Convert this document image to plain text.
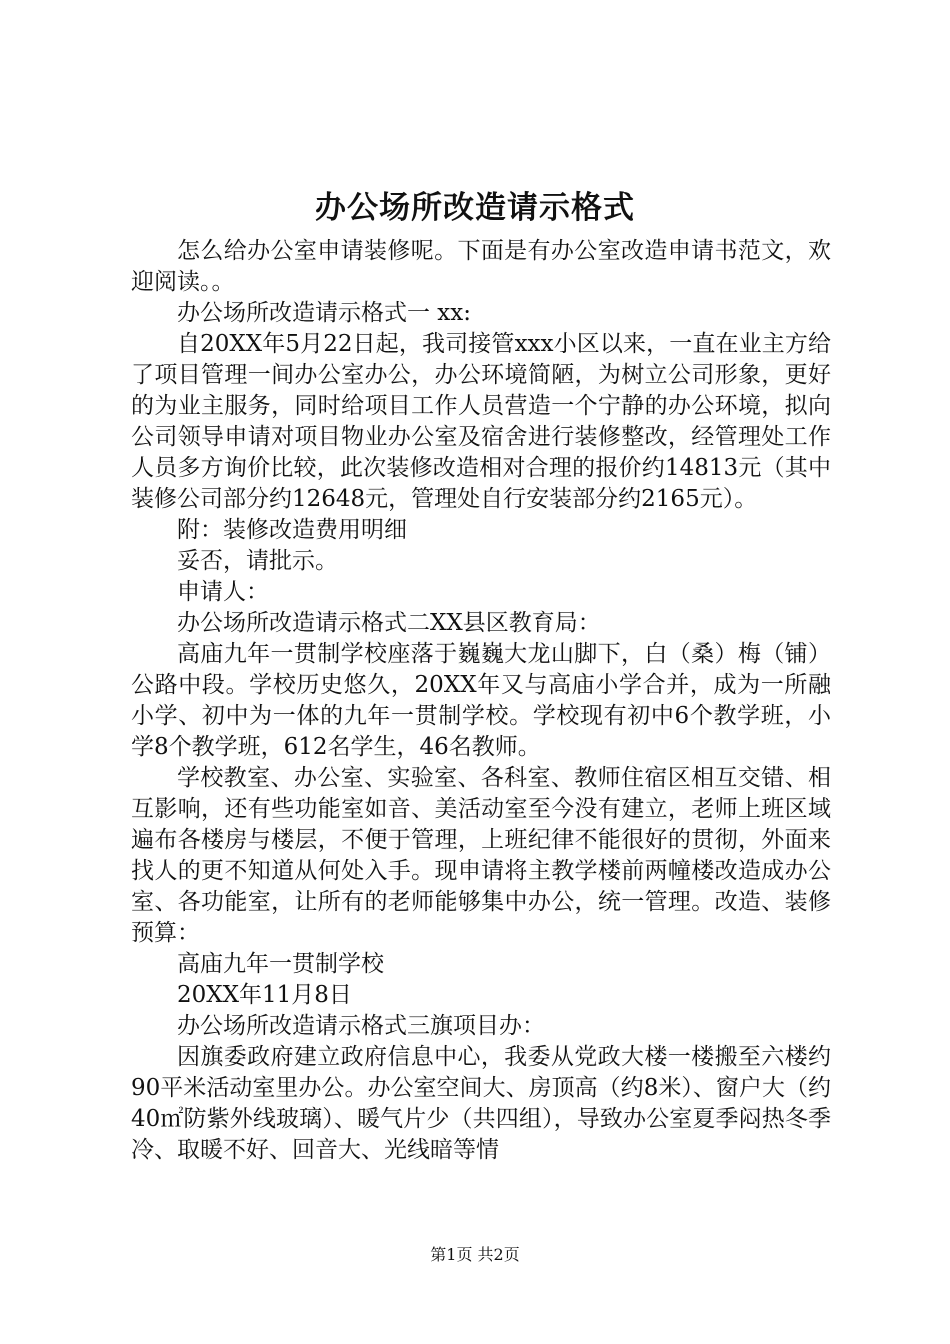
办公场所改造请示格式

怎么给办公室申请装修呢。下面是有办公室改造申请书范文，欢迎阅读。。

办公场所改造请示格式一 xx:

自20XX年5月22日起，我司接管xxx小区以来，一直在业主方给了项目管理一间办公室办公，办公环境简陋，为树立公司形象，更好的为业主服务，同时给项目工作人员营造一个宁静的办公环境，拟向公司领导申请对项目物业办公室及宿舍进行装修整改，经管理处工作人员多方询价比较，此次装修改造相对合理的报价约14813元（其中装修公司部分约12648元，管理处自行安装部分约2165元）。

附：装修改造费用明细

妥否，请批示。

申请人：

办公场所改造请示格式二XX县区教育局：

高庙九年一贯制学校座落于巍巍大龙山脚下，白（桑）梅（铺）公路中段。学校历史悠久，20XX年又与高庙小学合并，成为一所融小学、初中为一体的九年一贯制学校。学校现有初中6个教学班，小学8个教学班，612名学生，46名教师。

学校教室、办公室、实验室、各科室、教师住宿区相互交错、相互影响，还有些功能室如音、美活动室至今没有建立，老师上班区域遍布各楼房与楼层，不便于管理，上班纪律不能很好的贯彻，外面来找人的更不知道从何处入手。现申请将主教学楼前两幢楼改造成办公室、各功能室，让所有的老师能够集中办公，统一管理。改造、装修预算：

高庙九年一贯制学校

20XX年11月8日

办公场所改造请示格式三旗项目办：

因旗委政府建立政府信息中心，我委从党政大楼一楼搬至六楼约90平米活动室里办公。办公室空间大、房顶高（约8米）、窗户大（约40㎡防紫外线玻璃）、暖气片少（共四组），导致办公室夏季闷热冬季冷、取暖不好、回音大、光线暗等情

第1页 共2页
